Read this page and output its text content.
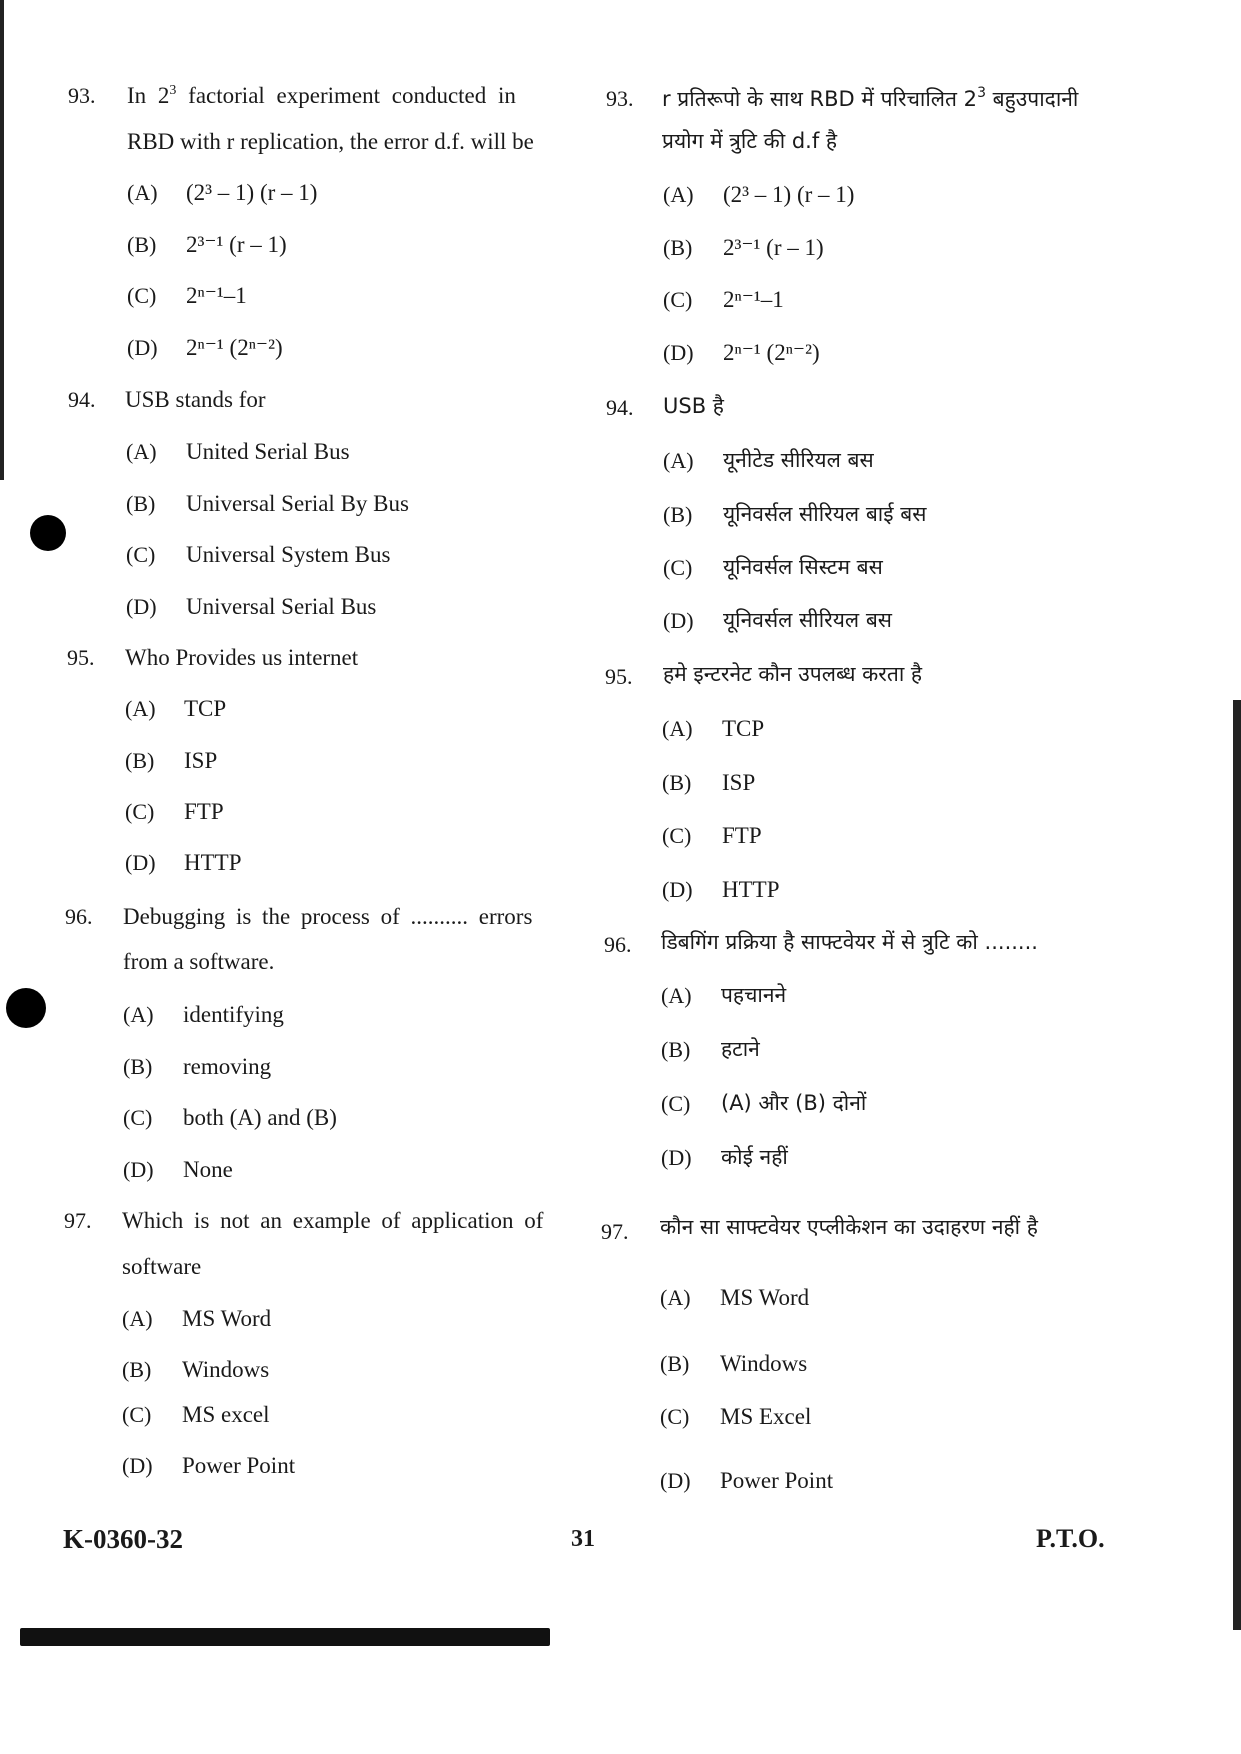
93. In $2^3$ factorial experiment conducted in
RBD with r replication, the error d.f. will be
(A) (2³ – 1) (r – 1)
(B) 2³⁻¹ (r – 1)
(C) 2ⁿ⁻¹–1
(D) 2ⁿ⁻¹ (2ⁿ⁻²)
94. USB stands for
(A) United Serial Bus
(B) Universal Serial By Bus
(C) Universal System Bus
(D) Universal Serial Bus
95. Who Provides us internet
(A) TCP
(B) ISP
(C) FTP
(D) HTTP
96. Debugging is the process of .......... errors
from a software.
(A) identifying
(B) removing
(C) both (A) and (B)
(D) None
97. Which is not an example of application of
software
(A) MS Word
(B) Windows
(C) MS excel
(D) Power Point
93. r प्रतिरूपो के साथ RBD में परिचालित $2^3$ बहुउपादानी
प्रयोग में त्रुटि की d.f है
(A) (2³ – 1) (r – 1)
(B) 2³⁻¹ (r – 1)
(C) 2ⁿ⁻¹–1
(D) 2ⁿ⁻¹ (2ⁿ⁻²)
94. USB है
(A) यूनीटेड सीरियल बस
(B) यूनिवर्सल सीरियल बाई बस
(C) यूनिवर्सल सिस्टम बस
(D) यूनिवर्सल सीरियल बस
95. हमे इन्टरनेट कौन उपलब्ध करता है
(A) TCP
(B) ISP
(C) FTP
(D) HTTP
96. डिबगिंग प्रक्रिया है साफ्टवेयर में से त्रुटि को ........
(A) पहचानने
(B) हटाने
(C) (A) और (B) दोनों
(D) कोई नहीं
97. कौन सा साफ्टवेयर एप्लीकेशन का उदाहरण नहीं है
(A) MS Word
(B) Windows
(C) MS Excel
(D) Power Point
K-0360-32	31	P.T.O.
